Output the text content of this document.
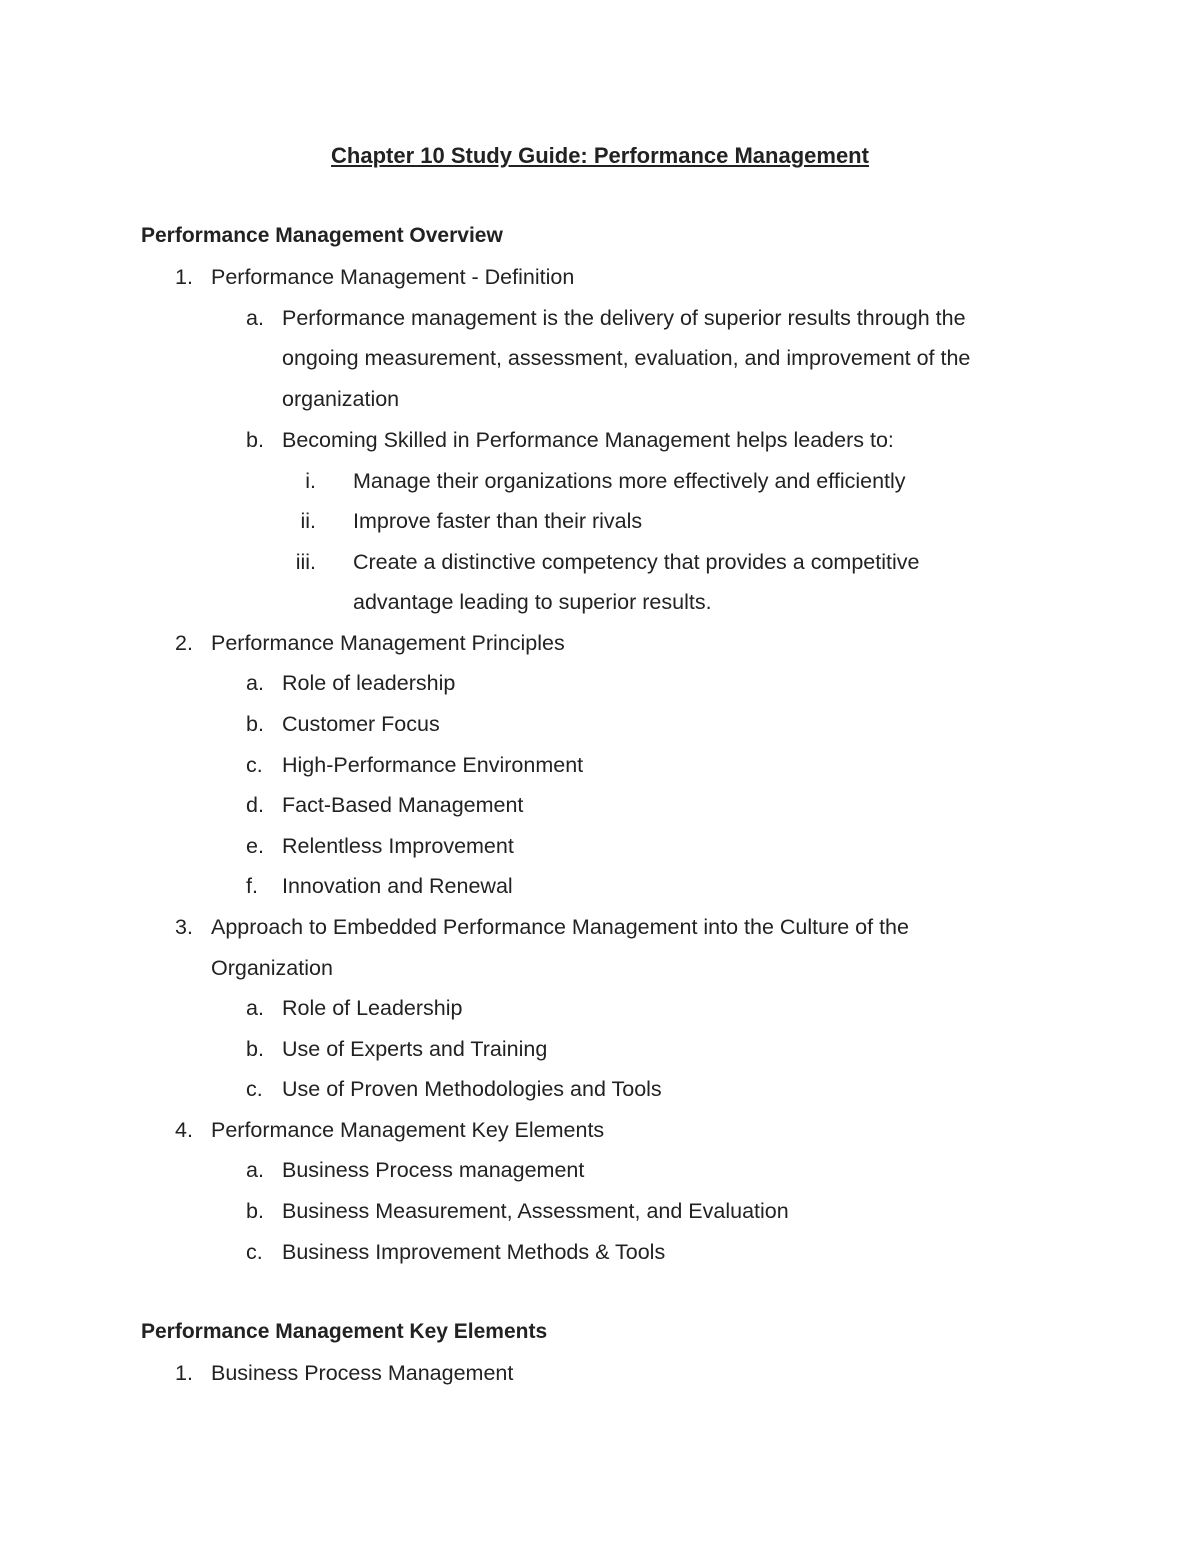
Chapter 10 Study Guide: Performance Management
Performance Management Overview
1. Performance Management - Definition
a. Performance management is the delivery of superior results through the
ongoing measurement, assessment, evaluation, and improvement of the
organization
b. Becoming Skilled in Performance Management helps leaders to:
i. Manage their organizations more effectively and efficiently
ii. Improve faster than their rivals
iii. Create a distinctive competency that provides a competitive
advantage leading to superior results.
2. Performance Management Principles
a. Role of leadership
b. Customer Focus
c. High-Performance Environment
d. Fact-Based Management
e. Relentless Improvement
f. Innovation and Renewal
3. Approach to Embedded Performance Management into the Culture of the
Organization
a. Role of Leadership
b. Use of Experts and Training
c. Use of Proven Methodologies and Tools
4. Performance Management Key Elements
a. Business Process management
b. Business Measurement, Assessment, and Evaluation
c. Business Improvement Methods & Tools
Performance Management Key Elements
1. Business Process Management
